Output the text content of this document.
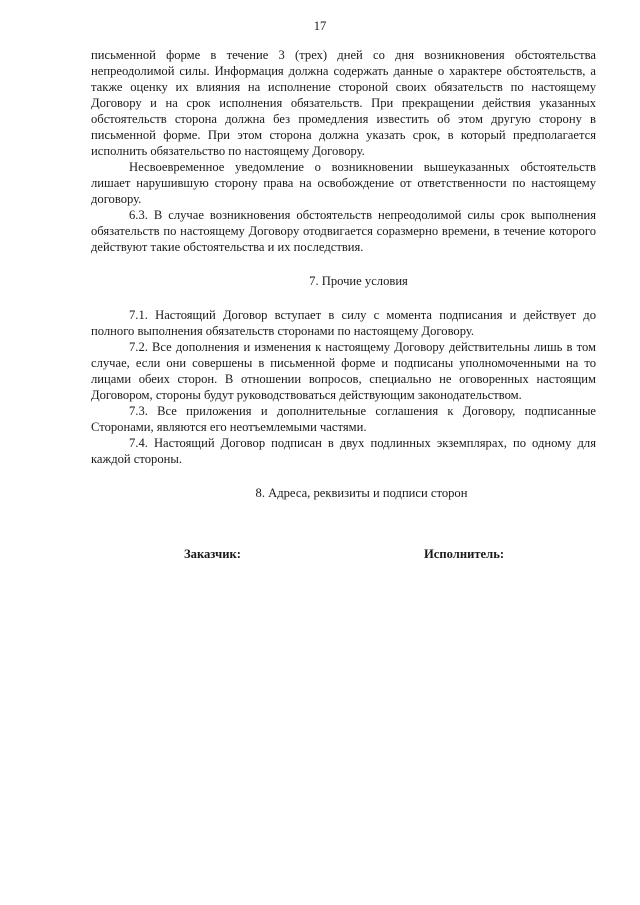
17

письменной форме в течение 3 (трех) дней со дня возникновения обстоятельства непреодолимой силы. Информация должна содержать данные о характере обстоятельств, а также оценку их влияния на исполнение стороной своих обязательств по настоящему Договору и на срок исполнения обязательств. При прекращении действия указанных обстоятельств сторона должна без промедления известить об этом другую сторону в письменной форме. При этом сторона должна указать срок, в который предполагается исполнить обязательство по настоящему Договору.

Несвоевременное уведомление о возникновении вышеуказанных обстоятельств лишает нарушившую сторону права на освобождение от ответственности по настоящему договору.

6.3. В случае возникновения обстоятельств непреодолимой силы срок выполнения обязательств по настоящему Договору отодвигается соразмерно времени, в течение которого действуют такие обстоятельства и их последствия.

7. Прочие условия

7.1. Настоящий Договор вступает в силу с момента подписания и действует до полного выполнения обязательств сторонами по настоящему Договору.

7.2. Все дополнения и изменения к настоящему Договору действительны лишь в том случае, если они совершены в письменной форме и подписаны уполномоченными на то лицами обеих сторон. В отношении вопросов, специально не оговоренных настоящим Договором, стороны будут руководствоваться действующим законодательством.

7.3. Все приложения и дополнительные соглашения к Договору, подписанные Сторонами, являются его неотъемлемыми частями.

7.4. Настоящий Договор подписан в двух подлинных экземплярах, по одному для каждой стороны.

8. Адреса, реквизиты и подписи сторон

Заказчик:	Исполнитель:
